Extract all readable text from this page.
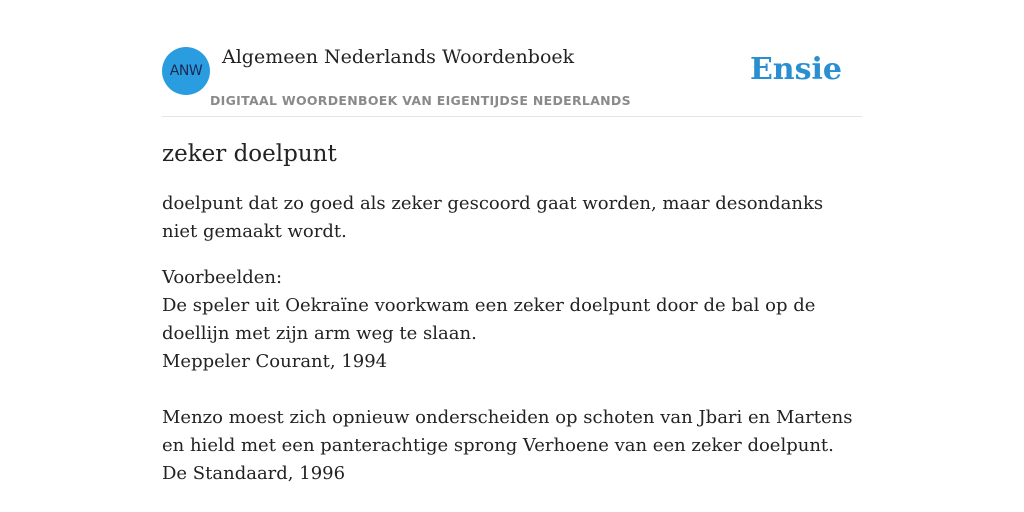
ANW
Algemeen Nederlands Woordenboek
DIGITAAL WOORDENBOEK VAN EIGENTIJDSE NEDERLANDS
Ensie
zeker doelpunt

doelpunt dat zo goed als zeker gescoord gaat worden, maar desondanks niet gemaakt wordt.

Voorbeelden:
De speler uit Oekraïne voorkwam een zeker doelpunt door de bal op de doellijn met zijn arm weg te slaan.
Meppeler Courant, 1994
Menzo moest zich opnieuw onderscheiden op schoten van Jbari en Martens en hield met een panterachtige sprong Verhoene van een zeker doelpunt.
De Standaard, 1996
